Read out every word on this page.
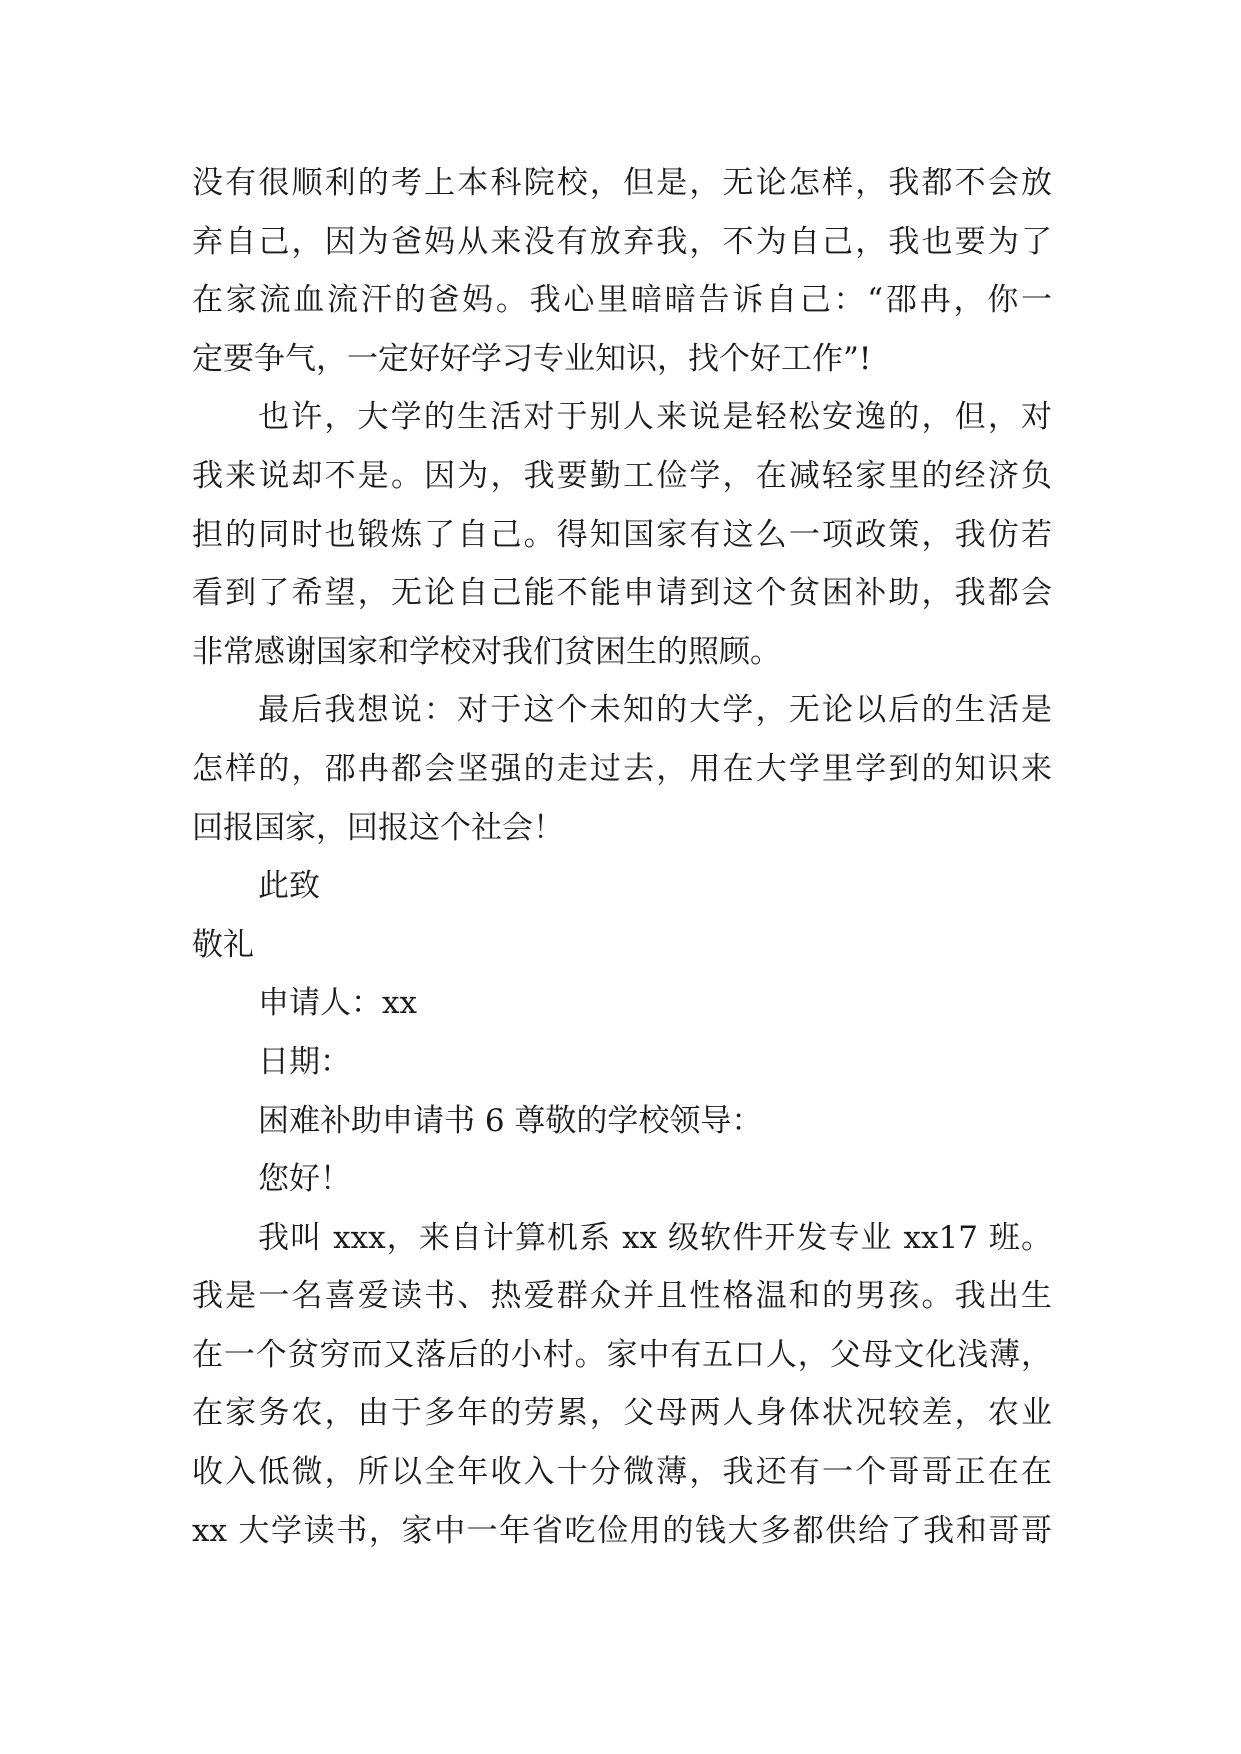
没有很顺利的考上本科院校，但是，无论怎样，我都不会放
弃自己，因为爸妈从来没有放弃我，不为自己，我也要为了
在家流血流汗的爸妈。我心里暗暗告诉自己：“邵冉，你一
定要争气，一定好好学习专业知识，找个好工作”!
也许，大学的生活对于别人来说是轻松安逸的，但，对
我来说却不是。因为，我要勤工俭学，在减轻家里的经济负
担的同时也锻炼了自己。得知国家有这么一项政策，我仿若
看到了希望，无论自己能不能申请到这个贫困补助，我都会
非常感谢国家和学校对我们贫困生的照顾。
最后我想说：对于这个未知的大学，无论以后的生活是
怎样的，邵冉都会坚强的走过去，用在大学里学到的知识来
回报国家，回报这个社会！
此致
敬礼
申请人：xx
日期：
困难补助申请书 6 尊敬的学校领导：
您好！
我叫 xxx，来自计算机系 xx 级软件开发专业 xx17 班。
我是一名喜爱读书、热爱群众并且性格温和的男孩。我出生
在一个贫穷而又落后的小村。家中有五口人，父母文化浅薄，
在家务农，由于多年的劳累，父母两人身体状况较差，农业
收入低微，所以全年收入十分微薄，我还有一个哥哥正在在
xx 大学读书，家中一年省吃俭用的钱大多都供给了我和哥哥
